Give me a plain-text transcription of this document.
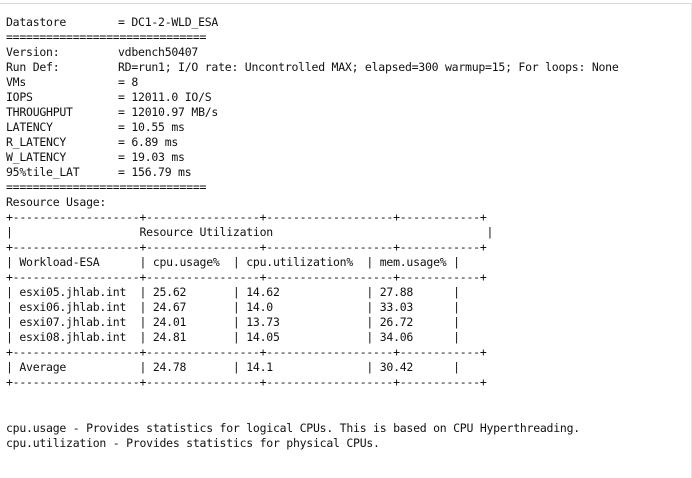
Datastore	= DC1-2-WLD_ESA
==============================
Version:	vdbench50407
Run Def:	RD=run1; I/O rate: Uncontrolled MAX; elapsed=300 warmup=15; For loops: None
VMs	= 8
IOPS	= 12011.0 IO/S
THROUGHPUT	= 12010.97 MB/s
LATENCY	= 10.55 ms
R_LATENCY	= 6.89 ms
W_LATENCY	= 19.03 ms
95%tile_LAT	= 156.79 ms
==============================
Resource Usage:
+-------------------+-----------------+-------------------+------------+
|                   Resource Utilization                                |
+-------------------+-----------------+-------------------+------------+
| Workload-ESA      | cpu.usage%  | cpu.utilization%  | mem.usage% |
+-------------------+-----------------+-------------------+------------+
| esxi05.jhlab.int  | 25.62       | 14.62             | 27.88      |
| esxi06.jhlab.int  | 24.67       | 14.0              | 33.03      |
| esxi07.jhlab.int  | 24.01       | 13.73             | 26.72      |
| esxi08.jhlab.int  | 24.81       | 14.05             | 34.06      |
+-------------------+-----------------+-------------------+------------+
| Average           | 24.78       | 14.1              | 30.42      |
+-------------------+-----------------+-------------------+------------+
cpu.usage - Provides statistics for logical CPUs. This is based on CPU Hyperthreading.
cpu.utilization - Provides statistics for physical CPUs.
